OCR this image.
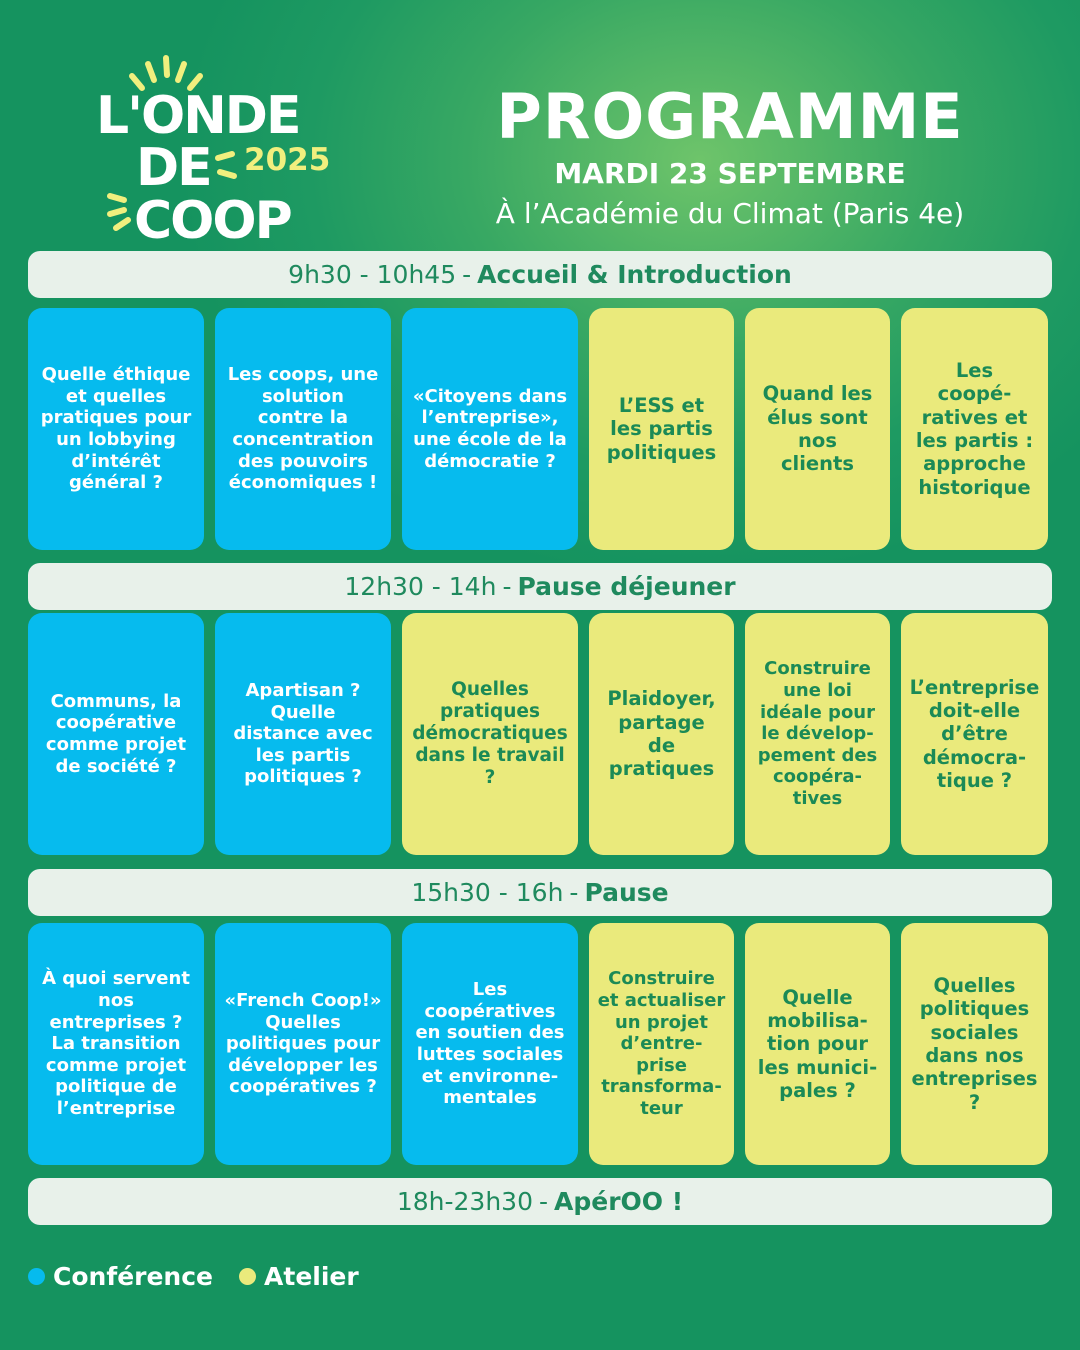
L'ONDE
DE 2025
COOP
PROGRAMME
MARDI 23 SEPTEMBRE
À l’Académie du Climat (Paris 4e)
9h30 - 10h45 - Accueil & Introduction
Quelle éthique
et quelles
pratiques pour
un lobbying
d’intérêt
général ?
Les coops, une
solution
contre la
concentration
des pouvoirs
économiques !
«Citoyens dans
l’entreprise»,
une école de la
démocratie ?
L’ESS et
les partis
politiques
Quand les
élus sont
nos
clients
Les
coopé-
ratives et
les partis :
approche
historique
12h30 - 14h - Pause déjeuner
Communs, la
coopérative
comme projet
de société ?
Apartisan ?
Quelle
distance avec
les partis
politiques ?
Quelles
pratiques
démocratiques
dans le travail
?
Plaidoyer,
partage
de
pratiques
Construire
une loi
idéale pour
le dévelop-
pement des
coopéra-
tives
L’entreprise
doit-elle
d’être
démocra-
tique ?
15h30 - 16h - Pause
À quoi servent
nos
entreprises ?
La transition
comme projet
politique de
l’entreprise
«French Coop!»
Quelles
politiques pour
développer les
coopératives ?
Les
coopératives
en soutien des
luttes sociales
et environne-
mentales
Construire
et actualiser
un projet
d’entre-
prise
transforma-
teur
Quelle
mobilisa-
tion pour
les munici-
pales ?
Quelles
politiques
sociales
dans nos
entreprises
?
18h-23h30 - ApérOO !
Conférence Atelier
